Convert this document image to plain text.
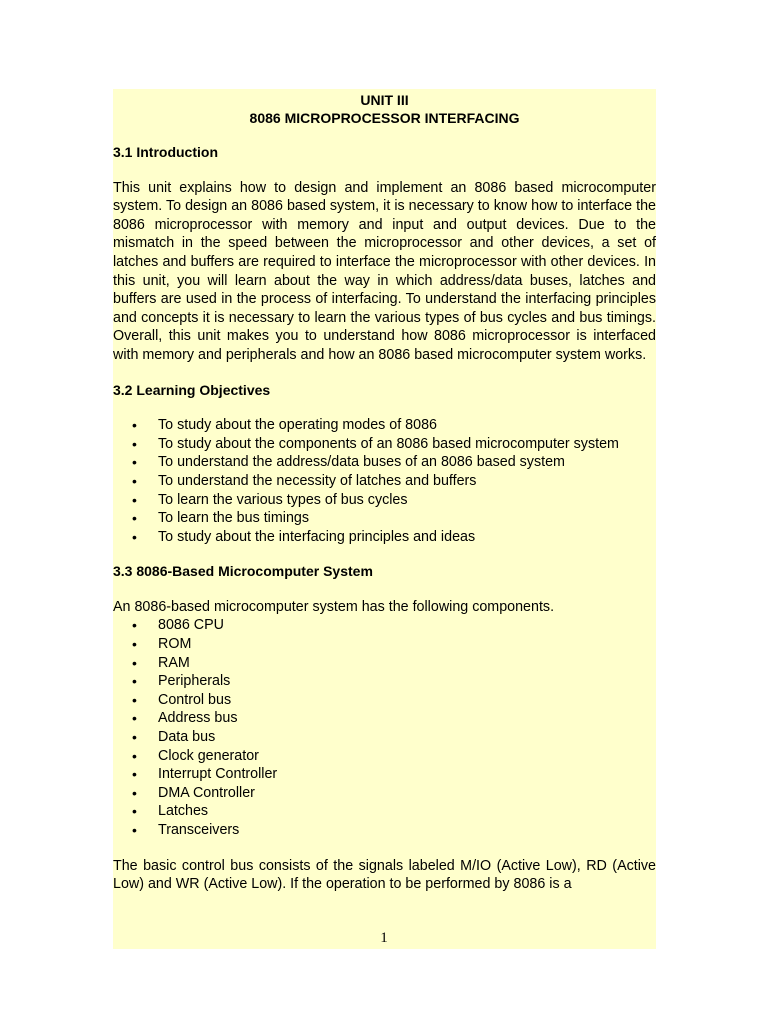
UNIT III

8086 MICROPROCESSOR INTERFACING

3.1 Introduction

This unit explains how to design and implement an 8086 based microcomputer system. To design an 8086 based system, it is necessary to know how to interface the 8086 microprocessor with memory and input and output devices. Due to the mismatch in the speed between the microprocessor and other devices, a set of latches and buffers are required to interface the microprocessor with other devices. In this unit, you will learn about the way in which address/data buses, latches and buffers are used in the process of interfacing. To understand the interfacing principles and concepts it is necessary to learn the various types of bus cycles and bus timings. Overall, this unit makes you to understand how 8086 microprocessor is interfaced with memory and peripherals and how an 8086 based microcomputer system works.

3.2 Learning Objectives

• To study about the operating modes of 8086
• To study about the components of an 8086 based microcomputer system
• To understand the address/data buses of an 8086 based system
• To understand the necessity of latches and buffers
• To learn the various types of bus cycles
• To learn the bus timings
• To study about the interfacing principles and ideas

3.3 8086-Based Microcomputer System

An 8086-based microcomputer system has the following components.

• 8086 CPU
• ROM
• RAM
• Peripherals
• Control bus
• Address bus
• Data bus
• Clock generator
• Interrupt Controller
• DMA Controller
• Latches
• Transceivers

The basic control bus consists of the signals labeled M/IO (Active Low), RD (Active Low) and WR (Active Low). If the operation to be performed by 8086 is a

1
